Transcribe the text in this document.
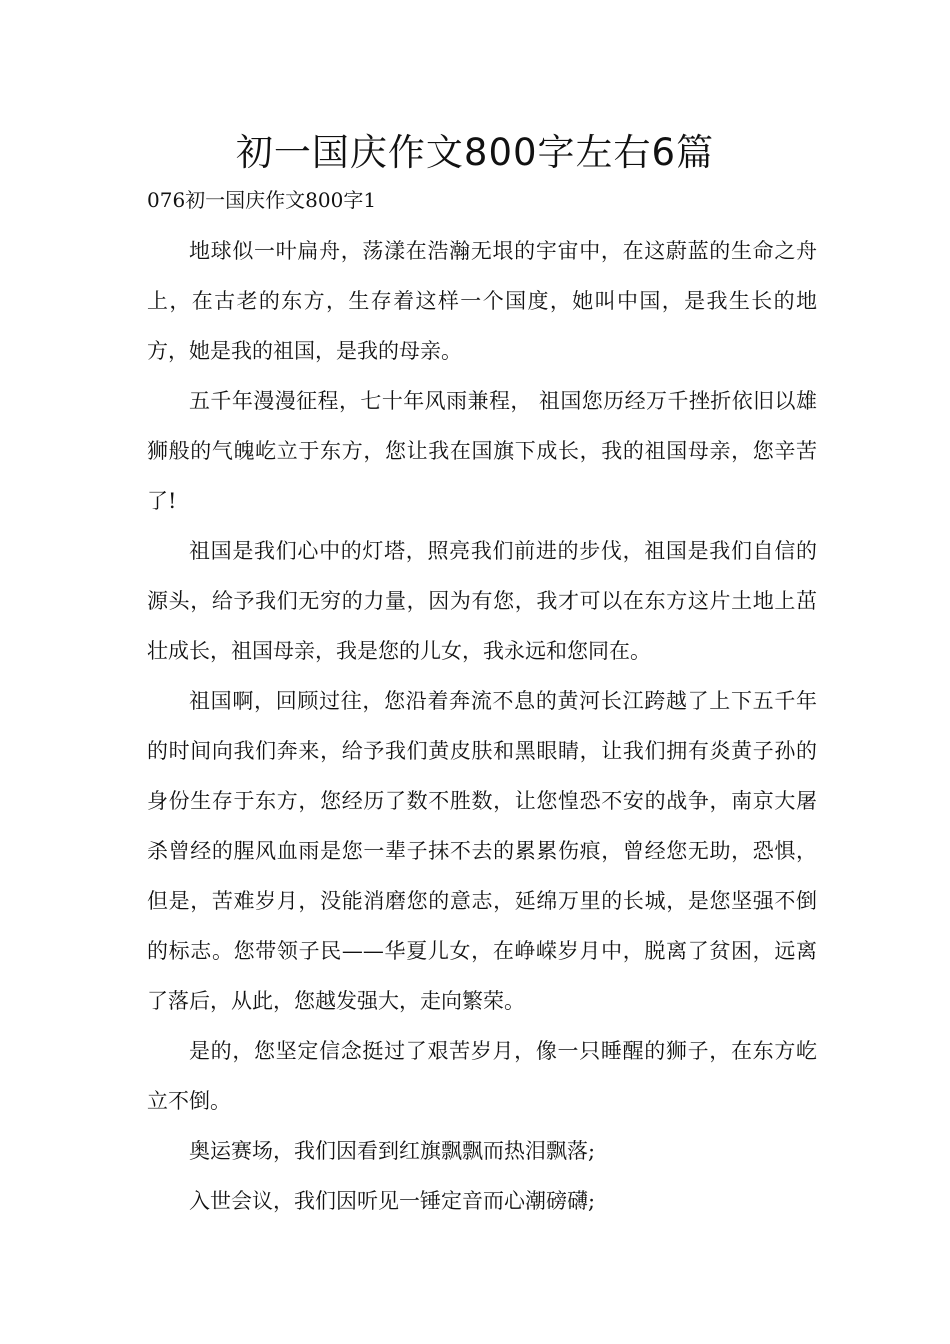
初一国庆作文800字左右6篇

076初一国庆作文800字1

地球似一叶扁舟，荡漾在浩瀚无垠的宇宙中，在这蔚蓝的生命之舟上，在古老的东方，生存着这样一个国度，她叫中国，是我生长的地方，她是我的祖国，是我的母亲。

五千年漫漫征程，七十年风雨兼程， 祖国您历经万千挫折依旧以雄狮般的气魄屹立于东方，您让我在国旗下成长，我的祖国母亲，您辛苦了!

祖国是我们心中的灯塔，照亮我们前进的步伐，祖国是我们自信的源头，给予我们无穷的力量，因为有您，我才可以在东方这片土地上茁壮成长，祖国母亲，我是您的儿女，我永远和您同在。

祖国啊，回顾过往，您沿着奔流不息的黄河长江跨越了上下五千年的时间向我们奔来，给予我们黄皮肤和黑眼睛，让我们拥有炎黄子孙的身份生存于东方，您经历了数不胜数，让您惶恐不安的战争，南京大屠杀曾经的腥风血雨是您一辈子抹不去的累累伤痕，曾经您无助，恐惧，但是，苦难岁月，没能消磨您的意志，延绵万里的长城，是您坚强不倒的标志。您带领子民——华夏儿女，在峥嵘岁月中，脱离了贫困，远离了落后，从此，您越发强大，走向繁荣。

是的，您坚定信念挺过了艰苦岁月，像一只睡醒的狮子，在东方屹立不倒。

奥运赛场，我们因看到红旗飘飘而热泪飘落;

入世会议，我们因听见一锤定音而心潮磅礴;
